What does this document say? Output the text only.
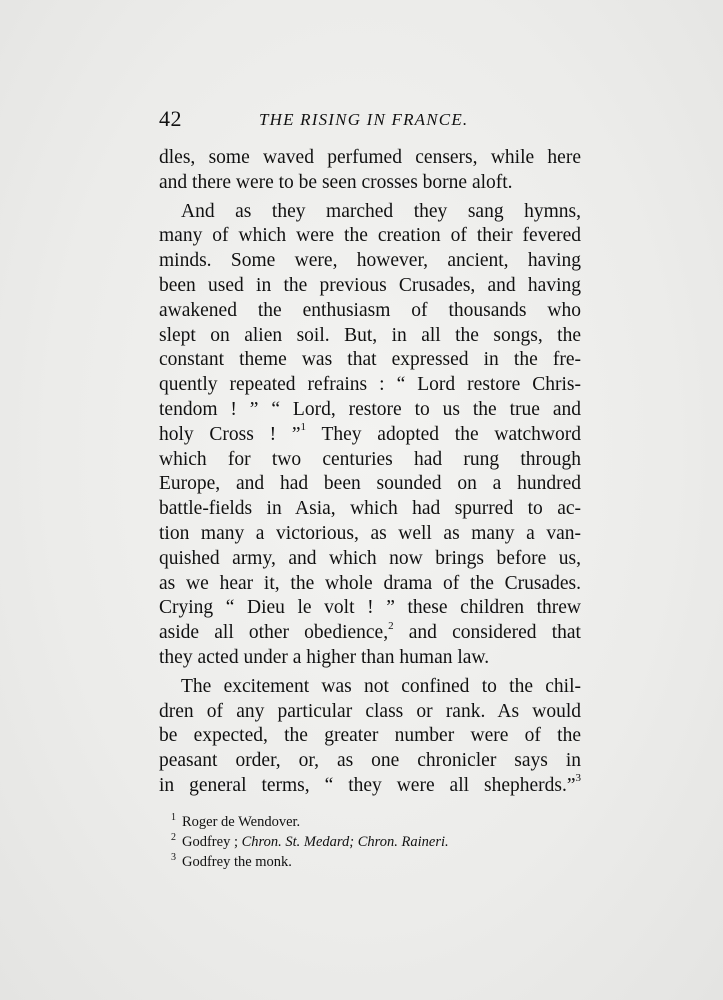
42	THE RISING IN FRANCE.
dles, some waved perfumed censers, while here
and there were to be seen crosses borne aloft.
And as they marched they sang hymns,
many of which were the creation of their fevered
minds. Some were, however, ancient, having
been used in the previous Crusades, and having
awakened the enthusiasm of thousands who
slept on alien soil. But, in all the songs, the
constant theme was that expressed in the fre-
quently repeated refrains : “ Lord restore Chris-
tendom ! ” “ Lord, restore to us the true and
holy Cross ! ”$^1$ They adopted the watchword
which for two centuries had rung through
Europe, and had been sounded on a hundred
battle-fields in Asia, which had spurred to ac-
tion many a victorious, as well as many a van-
quished army, and which now brings before us,
as we hear it, the whole drama of the Crusades.
Crying “ Dieu le volt ! ” these children threw
aside all other obedience,$^2$ and considered that
they acted under a higher than human law.
The excitement was not confined to the chil-
dren of any particular class or rank. As would
be expected, the greater number were of the
peasant order, or, as one chronicler says in
in general terms, “ they were all shepherds.”$^3$
$^1$ Roger de Wendover.
$^2$ Godfrey ; Chron. St. Medard; Chron. Raineri.
$^3$ Godfrey the monk.
